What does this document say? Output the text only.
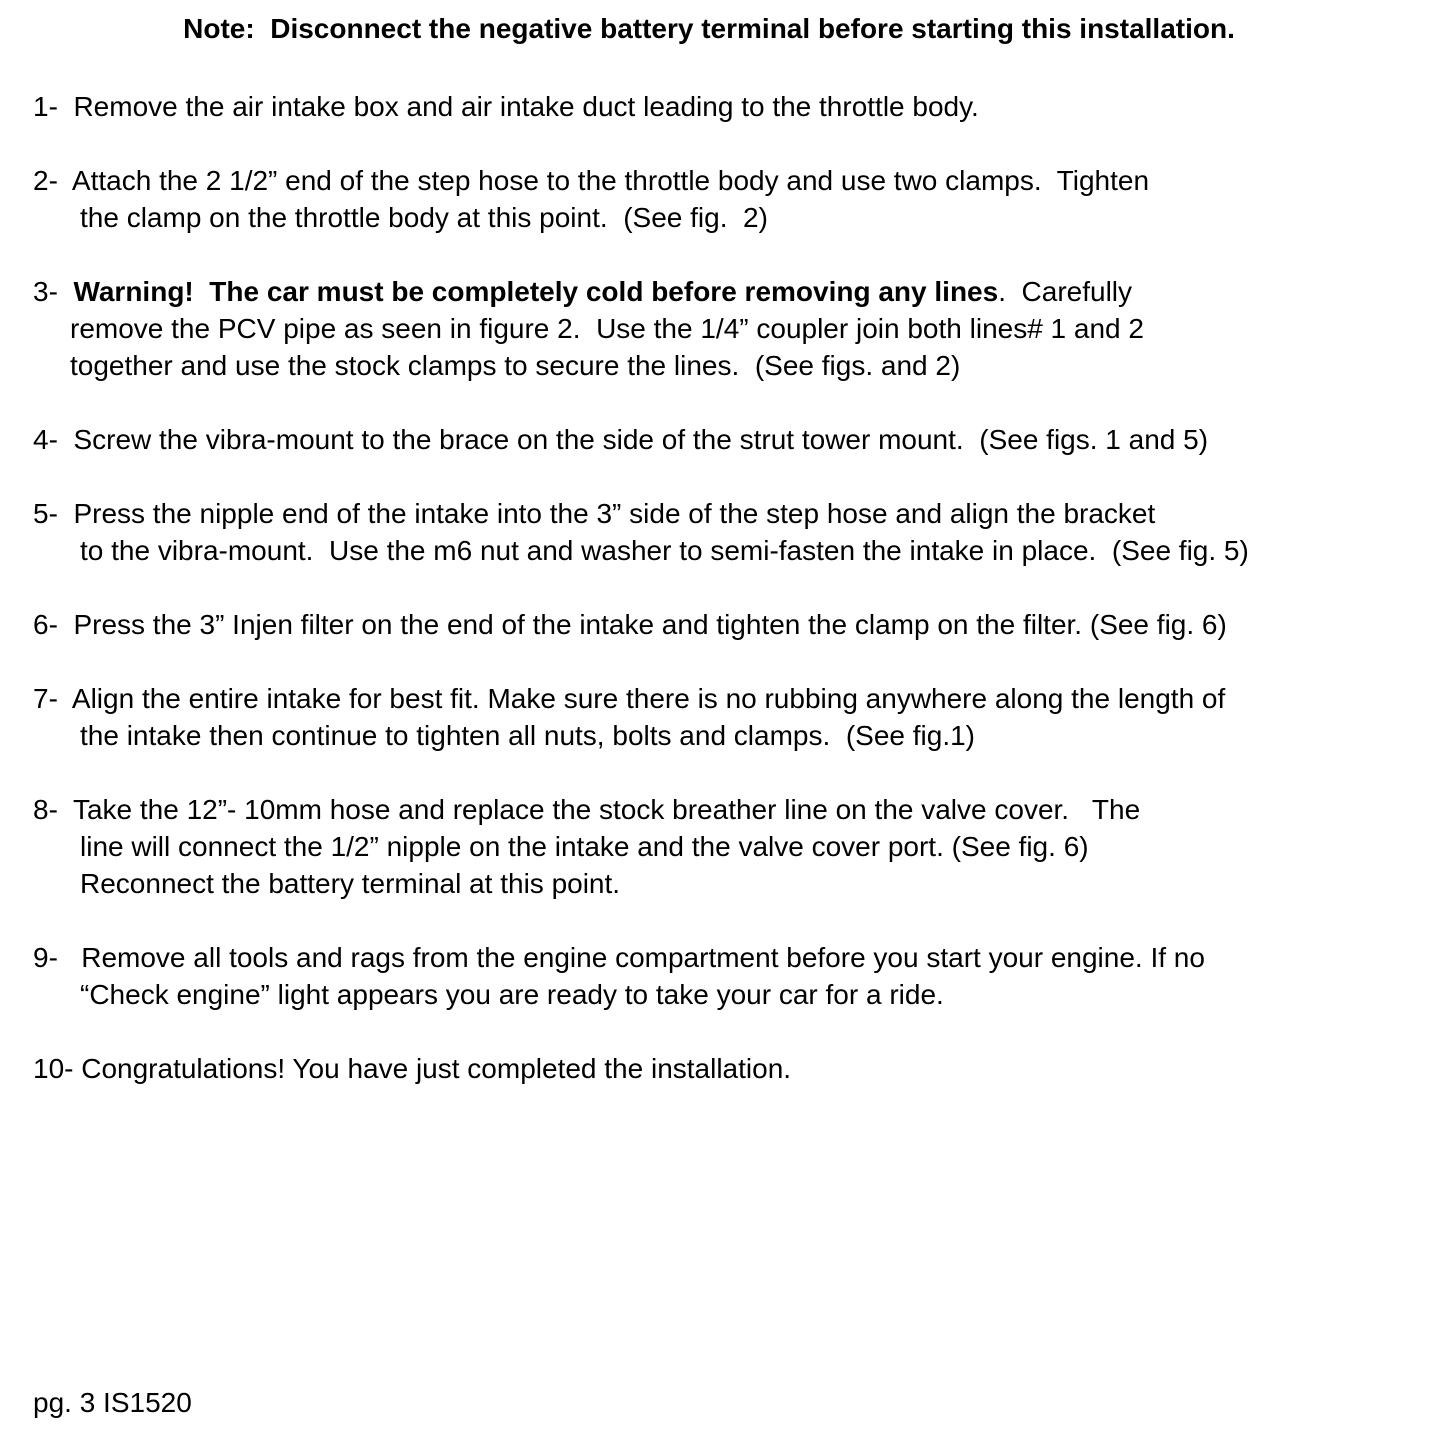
Note:  Disconnect the negative battery terminal before starting this installation.
1-  Remove the air intake box and air intake duct leading to the throttle body.
2-  Attach the 2 1/2” end of the step hose to the throttle body and use two clamps.  Tighten
the clamp on the throttle body at this point.  (See fig.  2)
3-  Warning!  The car must be completely cold before removing any lines.  Carefully
remove the PCV pipe as seen in figure 2.  Use the 1/4” coupler join both lines# 1 and 2
together and use the stock clamps to secure the lines.  (See figs. and 2)
4-  Screw the vibra-mount to the brace on the side of the strut tower mount.  (See figs. 1 and 5)
5-  Press the nipple end of the intake into the 3” side of the step hose and align the bracket
to the vibra-mount.  Use the m6 nut and washer to semi-fasten the intake in place.  (See fig. 5)
6-  Press the 3” Injen filter on the end of the intake and tighten the clamp on the filter. (See fig. 6)
7-  Align the entire intake for best fit. Make sure there is no rubbing anywhere along the length of
the intake then continue to tighten all nuts, bolts and clamps.  (See fig.1)
8-  Take the 12”- 10mm hose and replace the stock breather line on the valve cover.   The
line will connect the 1/2” nipple on the intake and the valve cover port. (See fig. 6)
Reconnect the battery terminal at this point.
9-   Remove all tools and rags from the engine compartment before you start your engine. If no
“Check engine” light appears you are ready to take your car for a ride.
10- Congratulations! You have just completed the installation.
pg. 3 IS1520
